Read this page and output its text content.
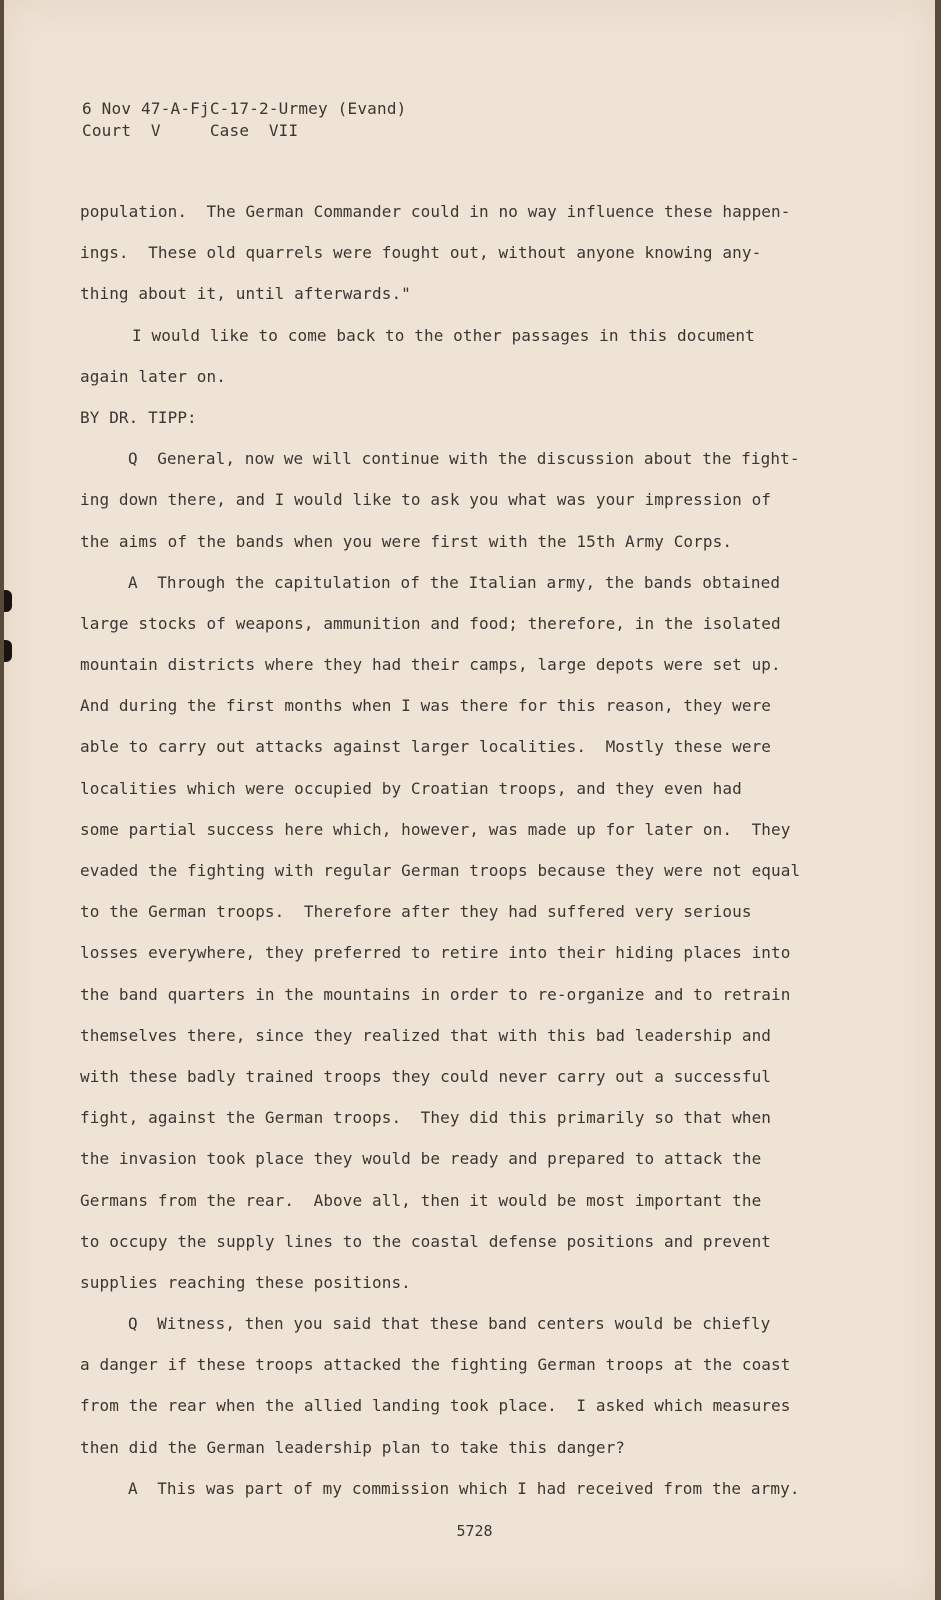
6 Nov 47-A-FjC-17-2-Urmey (Evand)
Court  V     Case  VII
population.  The German Commander could in no way influence these happen-
ings.  These old quarrels were fought out, without anyone knowing any-
thing about it, until afterwards."
I would like to come back to the other passages in this document
again later on.
BY DR. TIPP:
Q  General, now we will continue with the discussion about the fight-
ing down there, and I would like to ask you what was your impression of
the aims of the bands when you were first with the 15th Army Corps.
A  Through the capitulation of the Italian army, the bands obtained
large stocks of weapons, ammunition and food; therefore, in the isolated
mountain districts where they had their camps, large depots were set up.
And during the first months when I was there for this reason, they were
able to carry out attacks against larger localities.  Mostly these were
localities which were occupied by Croatian troops, and they even had
some partial success here which, however, was made up for later on.  They
evaded the fighting with regular German troops because they were not equal
to the German troops.  Therefore after they had suffered very serious
losses everywhere, they preferred to retire into their hiding places into
the band quarters in the mountains in order to re-organize and to retrain
themselves there, since they realized that with this bad leadership and
with these badly trained troops they could never carry out a successful
fight, against the German troops.  They did this primarily so that when
the invasion took place they would be ready and prepared to attack the
Germans from the rear.  Above all, then it would be most important the
to occupy the supply lines to the coastal defense positions and prevent
supplies reaching these positions.
Q  Witness, then you said that these band centers would be chiefly
a danger if these troops attacked the fighting German troops at the coast
from the rear when the allied landing took place.  I asked which measures
then did the German leadership plan to take this danger?
A  This was part of my commission which I had received from the army.
5728
